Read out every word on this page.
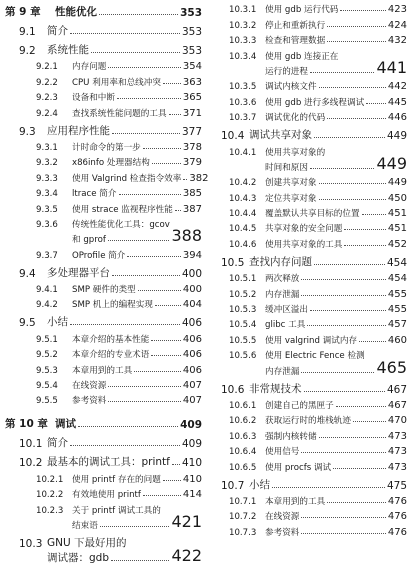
第 9 章	性能优化	353
9.1	简介	353
9.2	系统性能	353
9.2.1	内存问题	354
9.2.2	CPU 利用率和总线冲突 363
9.2.3	设备和中断	365
9.2.4	查找系统性能问题的工具 371
9.3	应用程序性能	377
9.3.1	计时命令的第一步	378
9.3.2	x86info 处理器结构	379
9.3.3	使用 Valgrind 检查指令效率 382
9.3.4	ltrace 简介	385
9.3.5	使用 strace 监视程序性能 387
9.3.6	传统性能优化工具：gcov
和 gprof	388
9.3.7	OProfile 简介	394
9.4	多处理器平台	400
9.4.1	SMP 硬件的类型	400
9.4.2	SMP 机上的编程实现	404
9.5	小结	406
9.5.1	本章介绍的基本性能	406
9.5.2	本章介绍的专业术语	406
9.5.3	本章用到的工具	406
9.5.4	在线资源	407
9.5.5	参考资料	407
第 10 章 调试	409
10.1 简介	409
10.2 最基本的调试工具：printf 410
10.2.1	使用 printf 存在的问题 410
10.2.2	有效地使用 printf	414
10.2.3	关于 printf 调试工具的
结束语	421
10.3 GNU 下最好用的
调试器：gdb	422
10.3.1	使用 gdb 运行代码	423
10.3.2	停止和重新执行	424
10.3.3	检查和管理数据	432
10.3.4	使用 gdb 连接正在
运行的进程	441
10.3.5	调试内核文件	442
10.3.6	使用 gdb 进行多线程调试 445
10.3.7	调试优化的代码	446
10.4 调试共享对象	449
10.4.1	使用共享对象的
时间和原因	449
10.4.2	创建共享对象	449
10.4.3	定位共享对象	450
10.4.4	覆盖默认共享目标的位置	451
10.4.5	共享对象的安全问题	451
10.4.6	使用共享对象的工具	452
10.5 查找内存问题	454
10.5.1	两次释放	454
10.5.2	内存泄漏	455
10.5.3	缓冲区溢出	455
10.5.4	glibc 工具	457
10.5.5	使用 valgrind 调试内存	460
10.5.6	使用 Electric Fence 检测
内存泄漏	465
10.6 非常规技术	467
10.6.1	创建自己的黑匣子	467
10.6.2	获取运行时的堆栈轨迹	470
10.6.3	强制内核转储	473
10.6.4	使用信号	473
10.6.5	使用 procfs 调试	473
10.7 小结	475
10.7.1	本章用到的工具	476
10.7.2	在线资源	476
10.7.3	参考资料	476
